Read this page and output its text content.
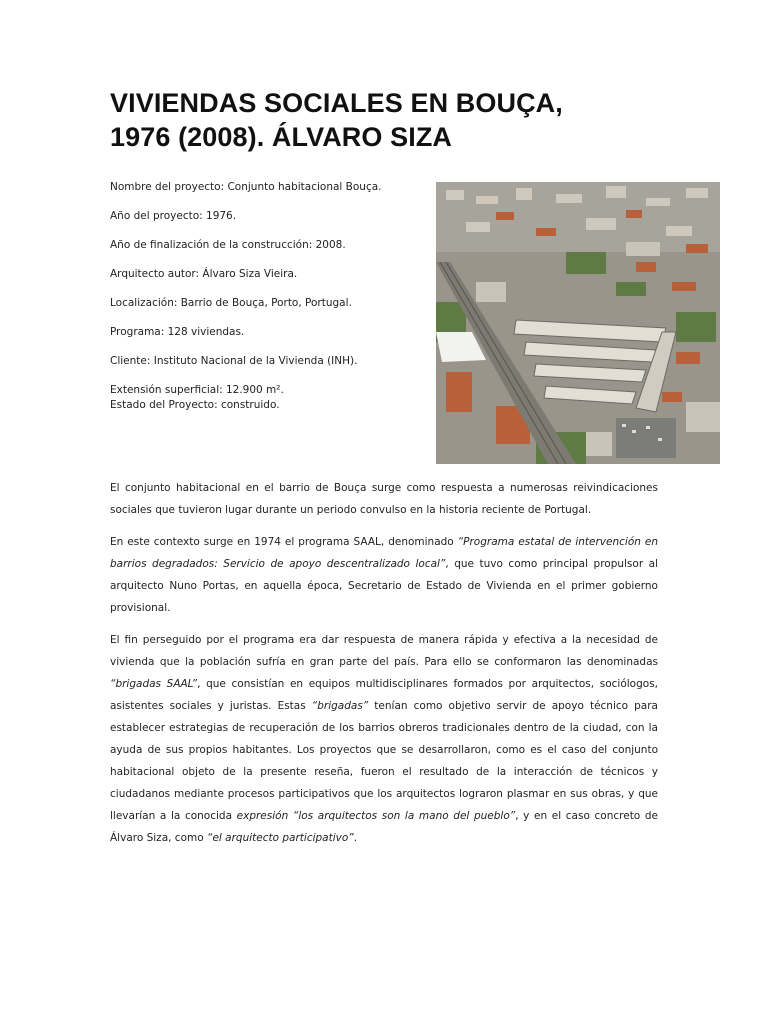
VIVIENDAS SOCIALES EN BOUÇA,
1976 (2008). ÁLVARO SIZA

Nombre del proyecto: Conjunto habitacional Bouça.

Año del proyecto: 1976.

Año de finalización de la construcción: 2008.

Arquitecto autor: Álvaro Siza Vieira.

Localización: Barrio de Bouça, Porto, Portugal.

Programa: 128 viviendas.

Cliente: Instituto Nacional de la Vivienda (INH).

Extensión superficial: 12.900 m².

Estado del Proyecto: construido.

El conjunto habitacional en el barrio de Bouça surge como respuesta a numerosas reivindicaciones sociales que tuvieron lugar durante un periodo convulso en la historia reciente de Portugal.

En este contexto surge en 1974 el programa SAAL, denominado “Programa estatal de intervención en barrios degradados: Servicio de apoyo descentralizado local”, que tuvo como principal propulsor al arquitecto Nuno Portas, en aquella época, Secretario de Estado de Vivienda en el primer gobierno provisional.

El fin perseguido por el programa era dar respuesta de manera rápida y efectiva a la necesidad de vivienda que la población sufría en gran parte del país. Para ello se conformaron las denominadas “brigadas SAAL”, que consistían en equipos multidisciplinares formados por arquitectos, sociólogos, asistentes sociales y juristas. Estas “brigadas” tenían como objetivo servir de apoyo técnico para establecer estrategias de recuperación de los barrios obreros tradicionales dentro de la ciudad, con la ayuda de sus propios habitantes. Los proyectos que se desarrollaron, como es el caso del conjunto habitacional objeto de la presente reseña, fueron el resultado de la interacción de técnicos y ciudadanos mediante procesos participativos que los arquitectos lograron plasmar en sus obras, y que llevarían a la conocida expresión “los arquitectos son la mano del pueblo”, y en el caso concreto de Álvaro Siza, como “el arquitecto participativo”.
